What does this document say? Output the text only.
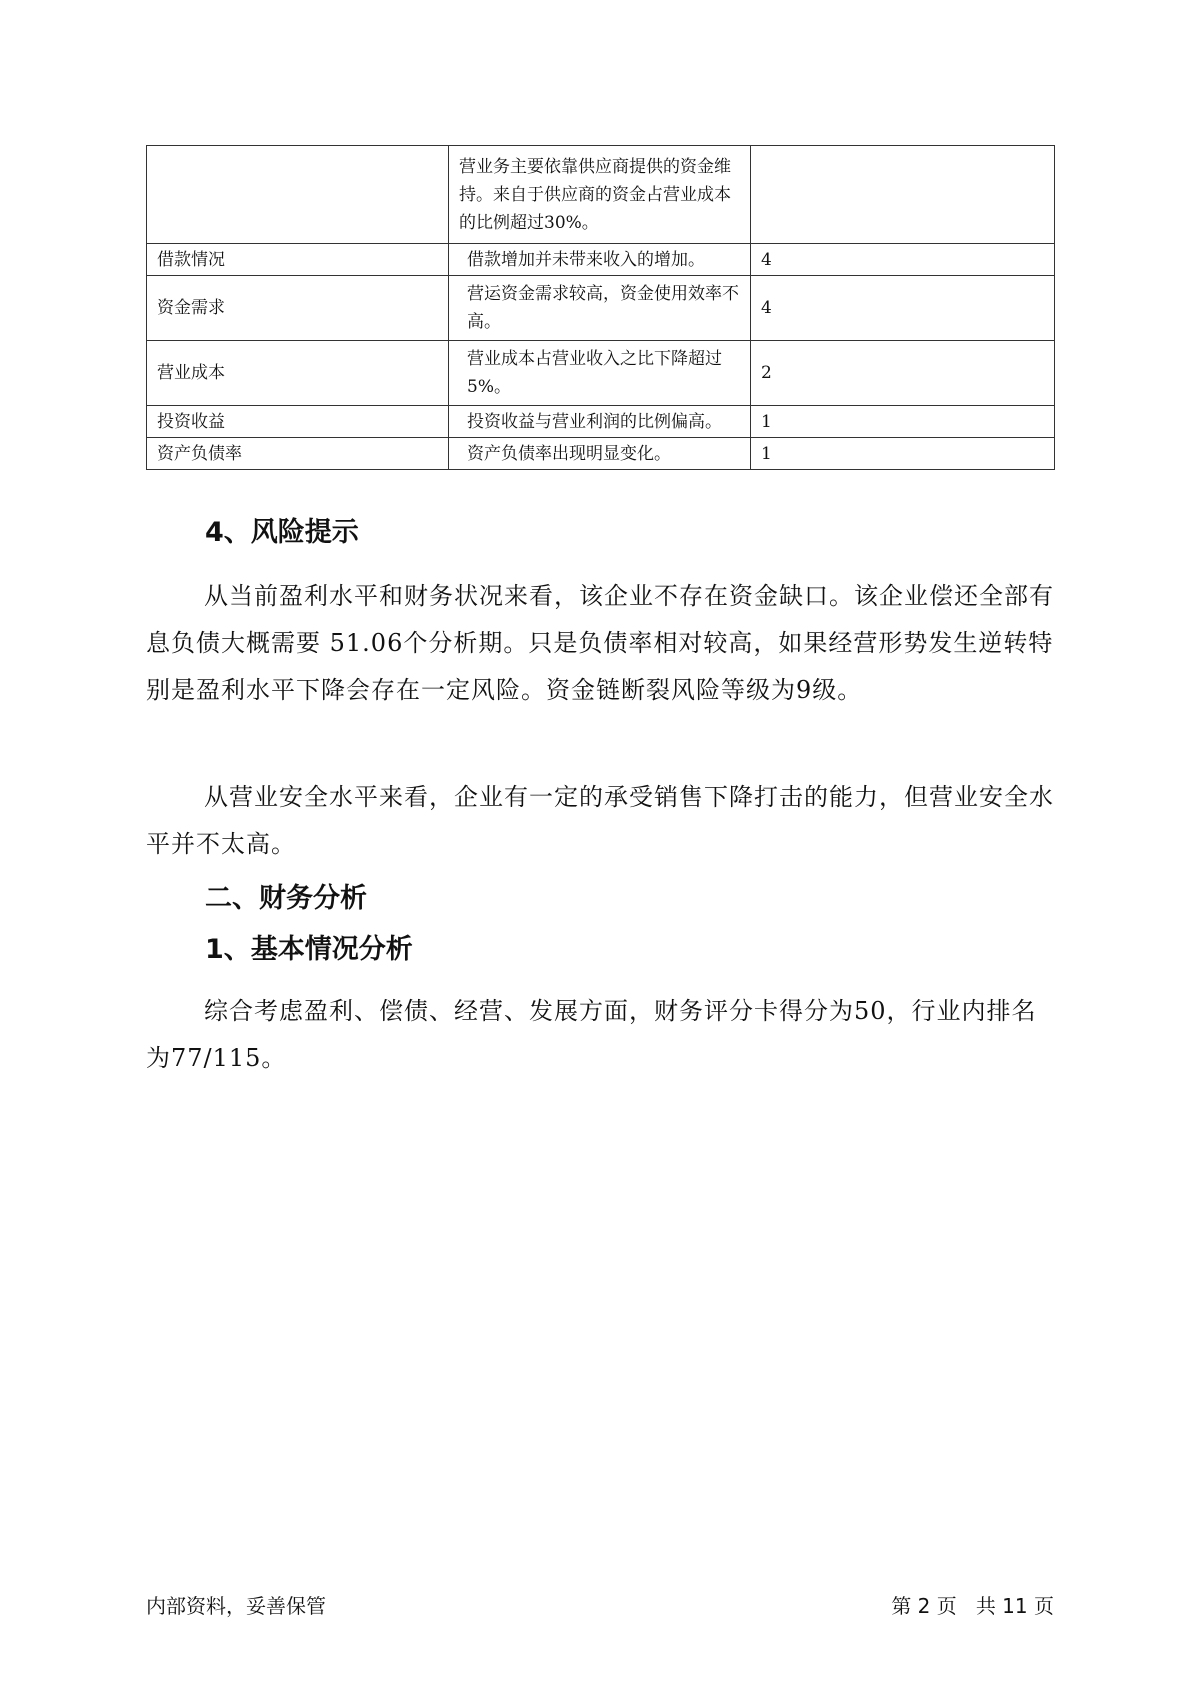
	营业务主要依靠供应商提供的资金维持。来自于供应商的资金占营业成本的比例超过30%。	
借款情况	借款增加并未带来收入的增加。	4
资金需求	营运资金需求较高，资金使用效率不高。	4
营业成本	营业成本占营业收入之比下降超过5%。	2
投资收益	投资收益与营业利润的比例偏高。	1
资产负债率	资产负债率出现明显变化。	1
4、风险提示
从当前盈利水平和财务状况来看，该企业不存在资金缺口。该企业偿还全部有息负债大概需要 51.06个分析期。只是负债率相对较高，如果经营形势发生逆转特别是盈利水平下降会存在一定风险。资金链断裂风险等级为9级。
从营业安全水平来看，企业有一定的承受销售下降打击的能力，但营业安全水平并不太高。
二、财务分析
1、基本情况分析
综合考虑盈利、偿债、经营、发展方面，财务评分卡得分为50，行业内排名为77/115。
内部资料，妥善保管	第 2 页   共 11 页
